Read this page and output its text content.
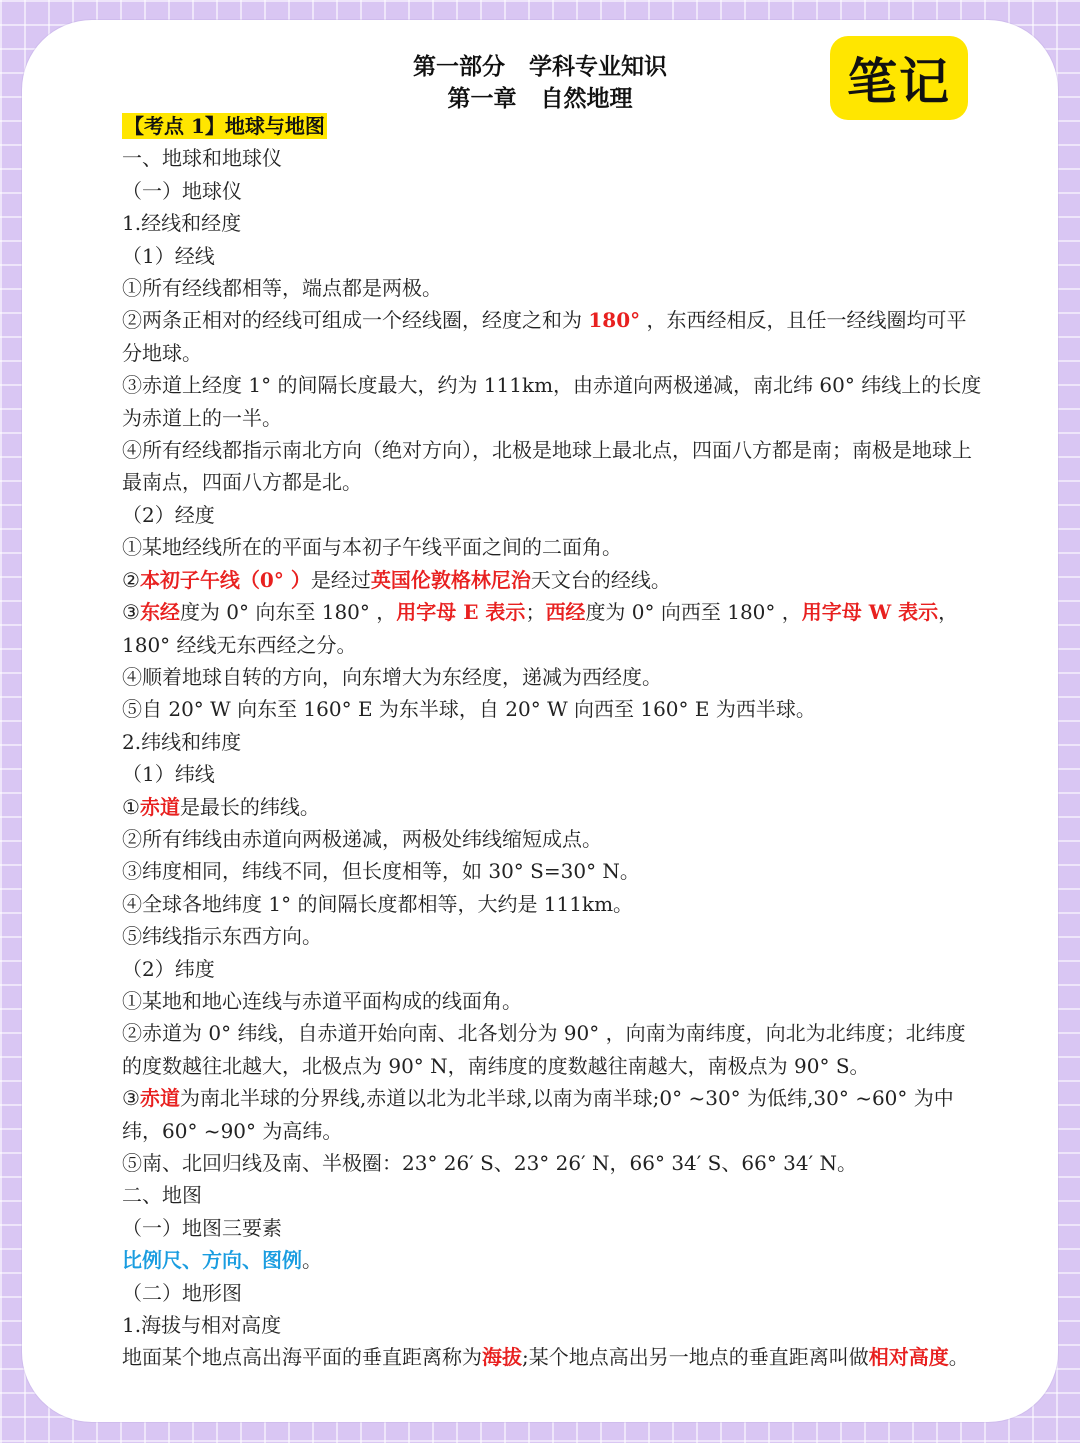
第一部分   学科专业知识
第一章   自然地理	笔记

【考点 1】地球与地图

一、地球和地球仪

（一）地球仪

1.经线和经度

（1）经线

①所有经线都相等，端点都是两极。

②两条正相对的经线可组成一个经线圈，经度之和为 180° ，东西经相反，且任一经线圈均可平分地球。

③赤道上经度 1° 的间隔长度最大，约为 111km，由赤道向两极递减，南北纬 60° 纬线上的长度为赤道上的一半。

④所有经线都指示南北方向（绝对方向），北极是地球上最北点，四面八方都是南；南极是地球上最南点，四面八方都是北。

（2）经度

①某地经线所在的平面与本初子午线平面之间的二面角。

②本初子午线（0° ）是经过英国伦敦格林尼治天文台的经线。

③东经度为 0° 向东至 180° ，用字母 E 表示；西经度为 0° 向西至 180° ，用字母 W 表示，180° 经线无东西经之分。

④顺着地球自转的方向，向东增大为东经度，递减为西经度。

⑤自 20° W 向东至 160° E 为东半球，自 20° W 向西至 160° E 为西半球。

2.纬线和纬度

（1）纬线

①赤道是最长的纬线。

②所有纬线由赤道向两极递减，两极处纬线缩短成点。

③纬度相同，纬线不同，但长度相等，如 30° S=30° N。

④全球各地纬度 1° 的间隔长度都相等，大约是 111km。

⑤纬线指示东西方向。

（2）纬度

①某地和地心连线与赤道平面构成的线面角。

②赤道为 0° 纬线，自赤道开始向南、北各划分为 90° ，向南为南纬度，向北为北纬度；北纬度的度数越往北越大，北极点为 90° N，南纬度的度数越往南越大，南极点为 90° S。

③赤道为南北半球的分界线,赤道以北为北半球,以南为南半球;0° ~30° 为低纬,30° ~60° 为中纬，60° ~90° 为高纬。

⑤南、北回归线及南、半极圈：23° 26′ S、23° 26′ N，66° 34′ S、66° 34′ N。

二、地图

（一）地图三要素

比例尺、方向、图例。

（二）地形图

1.海拔与相对高度

地面某个地点高出海平面的垂直距离称为海拔;某个地点高出另一地点的垂直距离叫做相对高度。
